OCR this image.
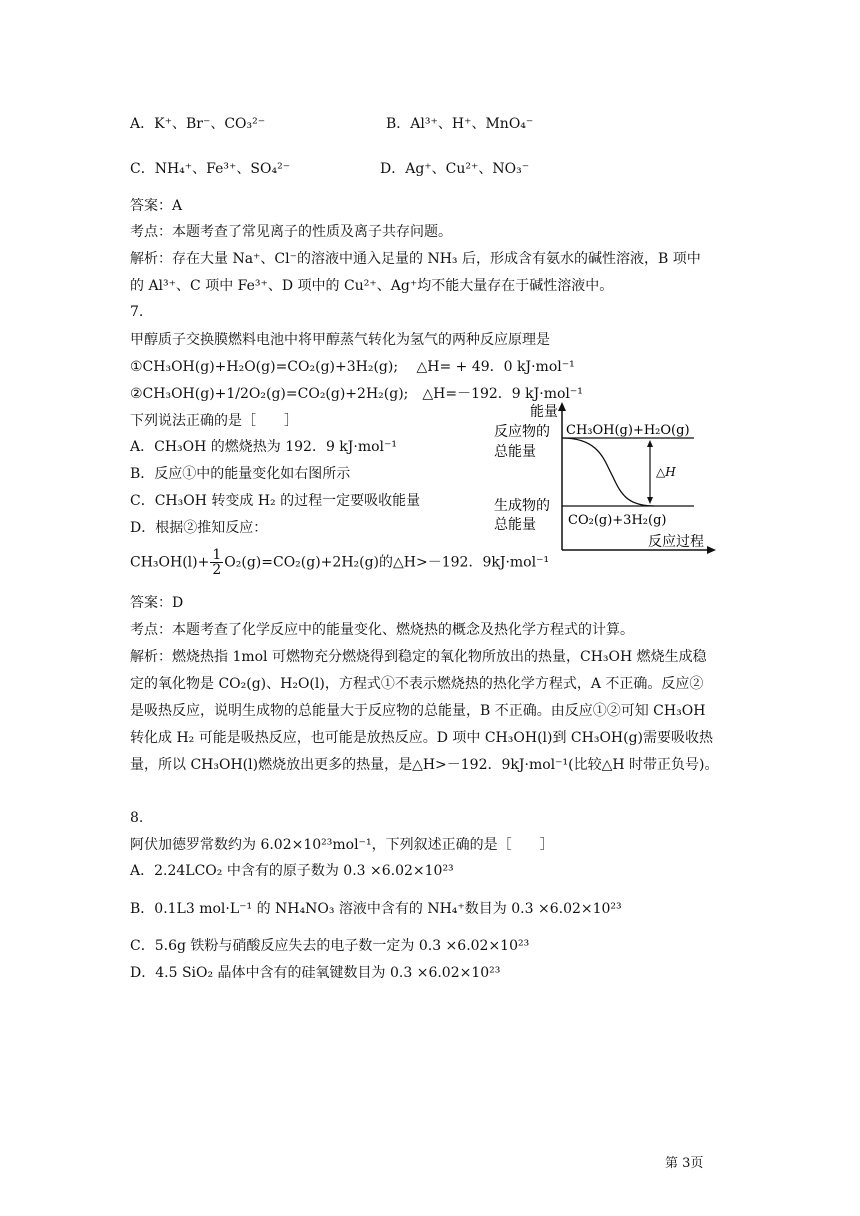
A．K⁺、Br⁻、CO₃²⁻	B．Al³⁺、H⁺、MnO₄⁻
C．NH₄⁺、Fe³⁺、SO₄²⁻	D．Ag⁺、Cu²⁺、NO₃⁻
答案：A
考点：本题考查了常见离子的性质及离子共存问题。
解析：存在大量 Na⁺、Cl⁻的溶液中通入足量的 NH₃ 后，形成含有氨水的碱性溶液，B 项中
的 Al³⁺、C 项中 Fe³⁺、D 项中的 Cu²⁺、Ag⁺均不能大量存在于碱性溶液中。
7.
甲醇质子交换膜燃料电池中将甲醇蒸气转化为氢气的两种反应原理是
①CH₃OH(g)+H₂O(g)=CO₂(g)+3H₂(g);　 △H= + 49．0 kJ·mol⁻¹
②CH₃OH(g)+1/2O₂(g)=CO₂(g)+2H₂(g);　△H=－192．9 kJ·mol⁻¹
下列说法正确的是［　　］
A．CH₃OH 的燃烧热为 192．9 kJ·mol⁻¹
B．反应①中的能量变化如右图所示
C．CH₃OH 转变成 H₂ 的过程一定要吸收能量
D．根据②推知反应：
$CH_3OH(l)+ \frac{1}{2} O_2(g)=CO_2(g)+2H_2(g)$的△H>－192．9kJ·mol⁻¹
答案：D
考点：本题考查了化学反应中的能量变化、燃烧热的概念及热化学方程式的计算。
解析：燃烧热指 1mol 可燃物充分燃烧得到稳定的氧化物所放出的热量，CH₃OH 燃烧生成稳
定的氧化物是 CO₂(g)、H₂O(l)，方程式①不表示燃烧热的热化学方程式，A 不正确。反应②
是吸热反应，说明生成物的总能量大于反应物的总能量，B 不正确。由反应①②可知 CH₃OH
转化成 H₂ 可能是吸热反应，也可能是放热反应。D 项中 CH₃OH(l)到 CH₃OH(g)需要吸收热
量，所以 CH₃OH(l)燃烧放出更多的热量，是△H>－192．9kJ·mol⁻¹(比较△H 时带正负号)。
能量
反应物的
总能量
生成物的
总能量
CH₃OH(g)+H₂O(g)
CO₂(g)+3H₂(g)
△H
反应过程
8.
阿伏加德罗常数约为 6.02×10²³mol⁻¹，下列叙述正确的是［　　］
A．2.24LCO₂ 中含有的原子数为 0.3 ×6.02×10²³
B．0.1L3 mol·L⁻¹ 的 NH₄NO₃ 溶液中含有的 NH₄⁺数目为 0.3 ×6.02×10²³
C．5.6g 铁粉与硝酸反应失去的电子数一定为 0.3 ×6.02×10²³
D．4.5 SiO₂ 晶体中含有的硅氧键数目为 0.3 ×6.02×10²³
第 3页
